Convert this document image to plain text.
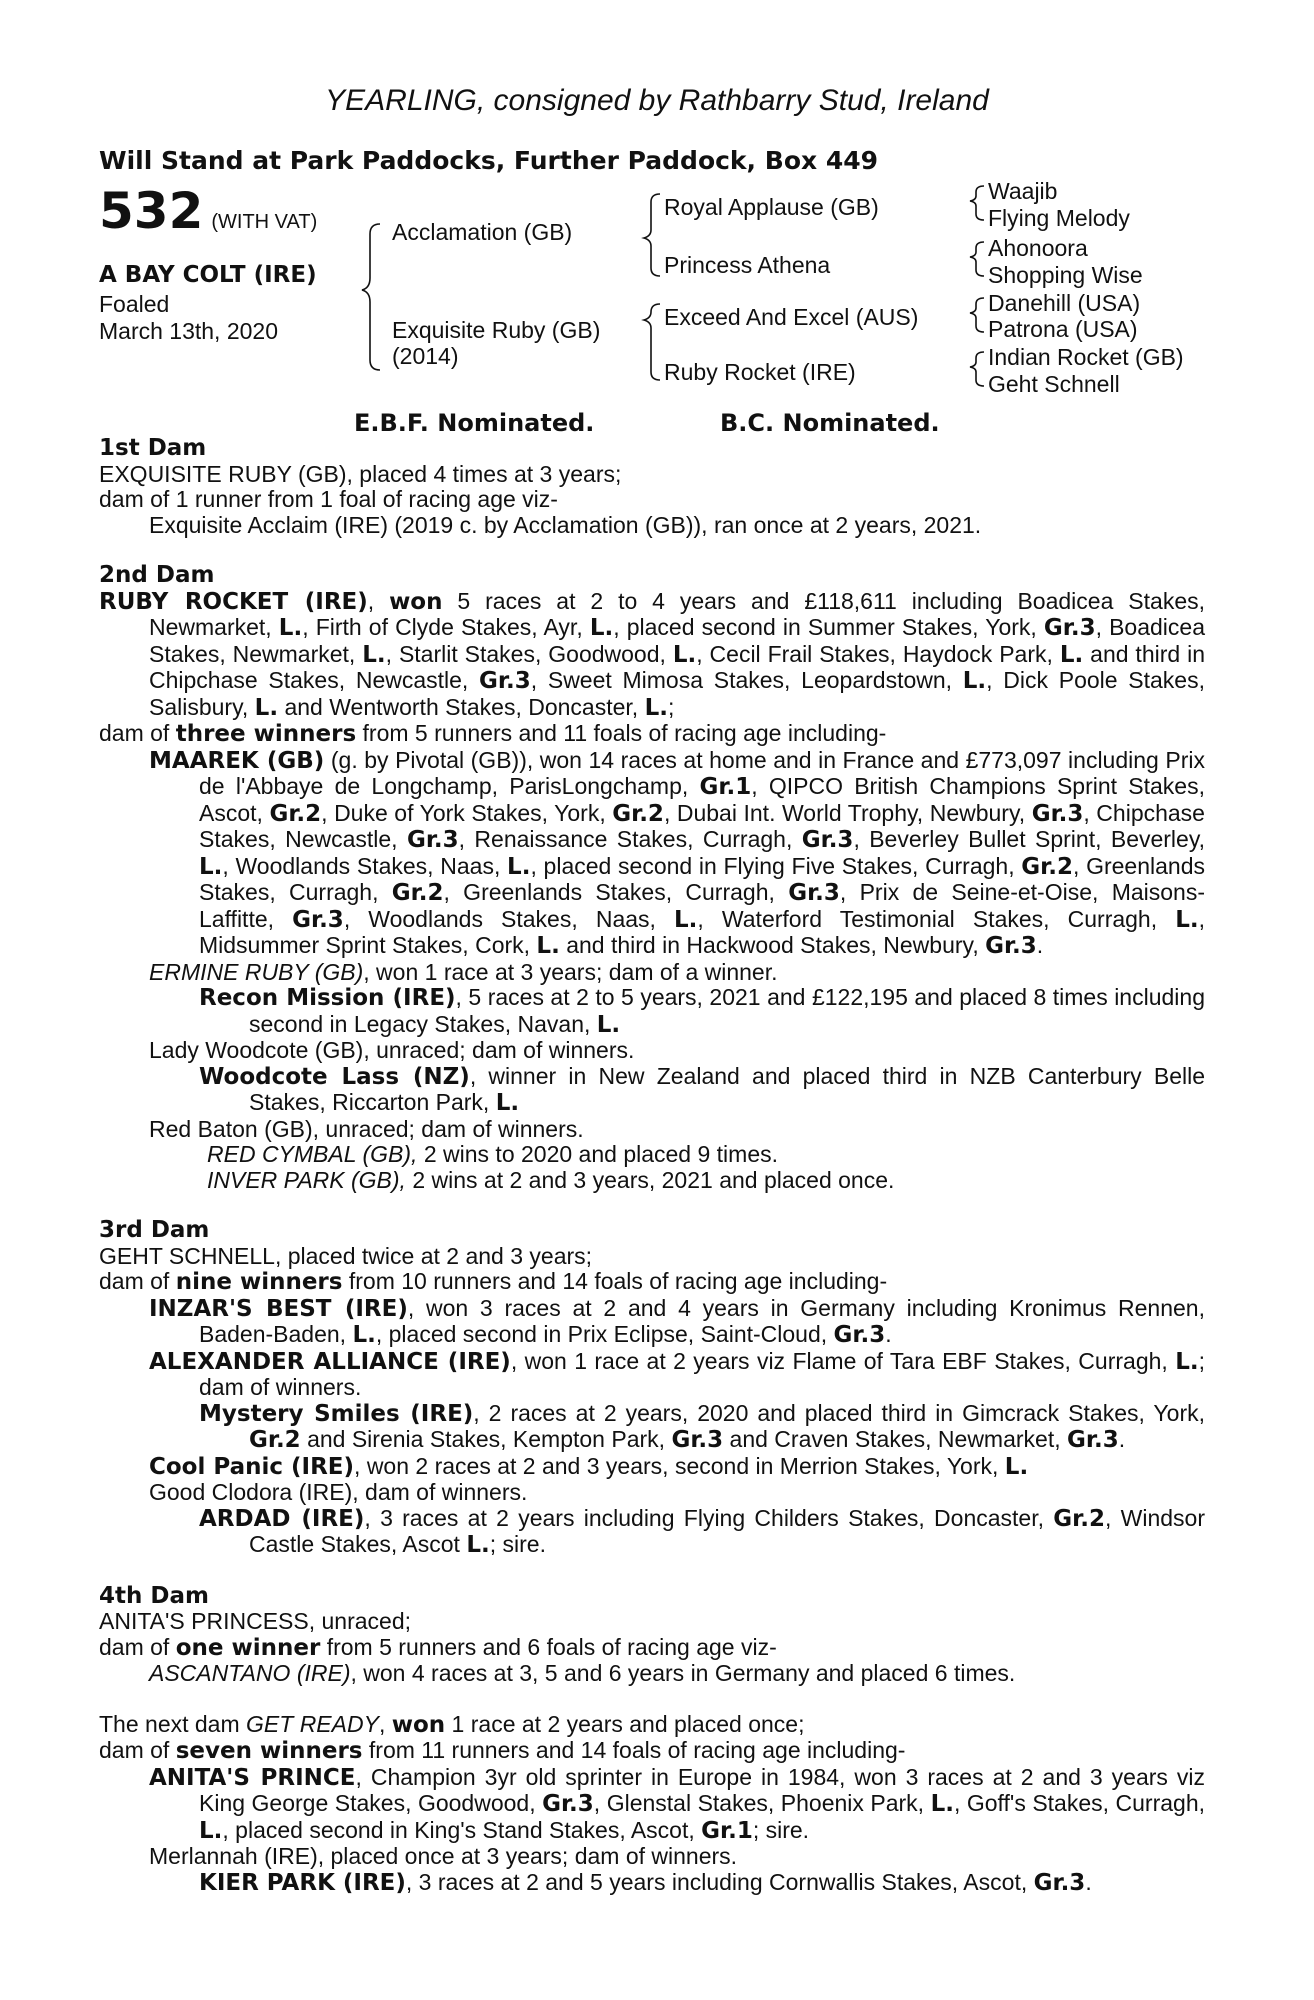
YEARLING, consigned by Rathbarry Stud, Ireland
Will Stand at Park Paddocks, Further Paddock, Box 449
532 (WITH VAT)
A BAY COLT (IRE)
Foaled
March 13th, 2020
Acclamation (GB)
Exquisite Ruby (GB)
(2014)
Royal Applause (GB)
Princess Athena
Exceed And Excel (AUS)
Ruby Rocket (IRE)
Waajib
Flying Melody
Ahonoora
Shopping Wise
Danehill (USA)
Patrona (USA)
Indian Rocket (GB)
Geht Schnell
E.B.F. Nominated.	B.C. Nominated.
1st Dam
EXQUISITE RUBY (GB), placed 4 times at 3 years;
dam of 1 runner from 1 foal of racing age viz-
Exquisite Acclaim (IRE) (2019 c. by Acclamation (GB)), ran once at 2 years, 2021.
2nd Dam
RUBY ROCKET (IRE), won 5 races at 2 to 4 years and £118,611 including Boadicea Stakes, Newmarket, L., Firth of Clyde Stakes, Ayr, L., placed second in Summer Stakes, York, Gr.3, Boadicea Stakes, Newmarket, L., Starlit Stakes, Goodwood, L., Cecil Frail Stakes, Haydock Park, L. and third in Chipchase Stakes, Newcastle, Gr.3, Sweet Mimosa Stakes, Leopardstown, L., Dick Poole Stakes, Salisbury, L. and Wentworth Stakes, Doncaster, L.;
dam of three winners from 5 runners and 11 foals of racing age including-
MAAREK (GB) (g. by Pivotal (GB)), won 14 races at home and in France and £773,097 including Prix de l'Abbaye de Longchamp, ParisLongchamp, Gr.1, QIPCO British Champions Sprint Stakes, Ascot, Gr.2, Duke of York Stakes, York, Gr.2, Dubai Int. World Trophy, Newbury, Gr.3, Chipchase Stakes, Newcastle, Gr.3, Renaissance Stakes, Curragh, Gr.3, Beverley Bullet Sprint, Beverley, L., Woodlands Stakes, Naas, L., placed second in Flying Five Stakes, Curragh, Gr.2, Greenlands Stakes, Curragh, Gr.2, Greenlands Stakes, Curragh, Gr.3, Prix de Seine-et-Oise, Maisons-Laffitte, Gr.3, Woodlands Stakes, Naas, L., Waterford Testimonial Stakes, Curragh, L., Midsummer Sprint Stakes, Cork, L. and third in Hackwood Stakes, Newbury, Gr.3.
ERMINE RUBY (GB), won 1 race at 3 years; dam of a winner.
Recon Mission (IRE), 5 races at 2 to 5 years, 2021 and £122,195 and placed 8 times including second in Legacy Stakes, Navan, L.
Lady Woodcote (GB), unraced; dam of winners.
Woodcote Lass (NZ), winner in New Zealand and placed third in NZB Canterbury Belle Stakes, Riccarton Park, L.
Red Baton (GB), unraced; dam of winners.
RED CYMBAL (GB), 2 wins to 2020 and placed 9 times.
INVER PARK (GB), 2 wins at 2 and 3 years, 2021 and placed once.
3rd Dam
GEHT SCHNELL, placed twice at 2 and 3 years;
dam of nine winners from 10 runners and 14 foals of racing age including-
INZAR'S BEST (IRE), won 3 races at 2 and 4 years in Germany including Kronimus Rennen, Baden-Baden, L., placed second in Prix Eclipse, Saint-Cloud, Gr.3.
ALEXANDER ALLIANCE (IRE), won 1 race at 2 years viz Flame of Tara EBF Stakes, Curragh, L.; dam of winners.
Mystery Smiles (IRE), 2 races at 2 years, 2020 and placed third in Gimcrack Stakes, York, Gr.2 and Sirenia Stakes, Kempton Park, Gr.3 and Craven Stakes, Newmarket, Gr.3.
Cool Panic (IRE), won 2 races at 2 and 3 years, second in Merrion Stakes, York, L.
Good Clodora (IRE), dam of winners.
ARDAD (IRE), 3 races at 2 years including Flying Childers Stakes, Doncaster, Gr.2, Windsor Castle Stakes, Ascot L.; sire.
4th Dam
ANITA'S PRINCESS, unraced;
dam of one winner from 5 runners and 6 foals of racing age viz-
ASCANTANO (IRE), won 4 races at 3, 5 and 6 years in Germany and placed 6 times.
The next dam GET READY, won 1 race at 2 years and placed once;
dam of seven winners from 11 runners and 14 foals of racing age including-
ANITA'S PRINCE, Champion 3yr old sprinter in Europe in 1984, won 3 races at 2 and 3 years viz King George Stakes, Goodwood, Gr.3, Glenstal Stakes, Phoenix Park, L., Goff's Stakes, Curragh, L., placed second in King's Stand Stakes, Ascot, Gr.1; sire.
Merlannah (IRE), placed once at 3 years; dam of winners.
KIER PARK (IRE), 3 races at 2 and 5 years including Cornwallis Stakes, Ascot, Gr.3.
